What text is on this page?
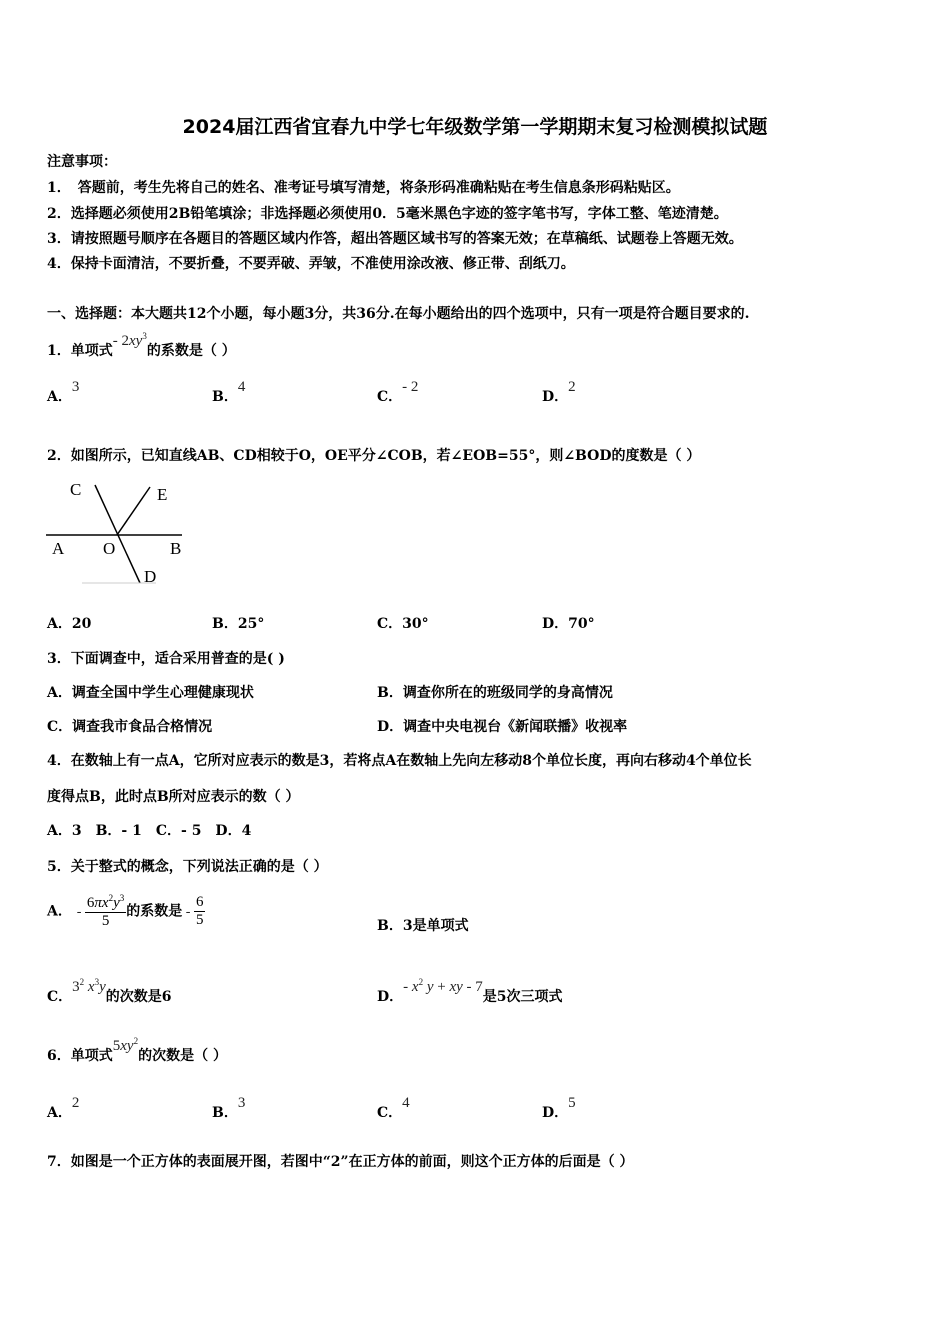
2024届江西省宜春九中学七年级数学第一学期期末复习检测模拟试题
注意事项：
1．　答题前，考生先将自己的姓名、准考证号填写清楚，将条形码准确粘贴在考生信息条形码粘贴区。
2．选择题必须使用2B铅笔填涂；非选择题必须使用0．5毫米黑色字迹的签字笔书写，字体工整、笔迹清楚。
3．请按照题号顺序在各题目的答题区域内作答，超出答题区域书写的答案无效；在草稿纸、试题卷上答题无效。
4．保持卡面清洁，不要折叠，不要弄破、弄皱，不准使用涂改液、修正带、刮纸刀。
一、选择题：本大题共12个小题，每小题3分，共36分.在每小题给出的四个选项中，只有一项是符合题目要求的.
1．单项式- $2xy^3$的系数是（ ）
A．3
B．4
C．- 2
D．2
2．如图所示，已知直线AB、CD相较于O，OE平分∠COB，若∠EOB=55°，则∠BOD的度数是（ ）
C	E
A O	B
D
A．20	B．25°	C．30°	D．70°
3．下面调查中，适合采用普查的是( )
A．调查全国中学生心理健康现状	B．调查你所在的班级同学的身高情况
C．调查我市食品合格情况	D．调查中央电视台《新闻联播》收视率
4．在数轴上有一点A，它所对应表示的数是3，若将点A在数轴上先向左移动8个单位长度，再向右移动4个单位长
度得点B，此时点B所对应表示的数（ ）
A．3　B．- 1　C．- 5　D．4
5．关于整式的概念，下列说法正确的是（ ）
A． - $\frac{6\pi x^2y^3}{5}$ 的系数是 - $\frac{6}{5}$	B．3是单项式
C．$3^2$ $x^3y$的次数是6	D．- $x^2$ y + xy - 7是5次三项式
6．单项式$5xy^2$的次数是（ ）
A．2
B．3
C．4
D．5
7．如图是一个正方体的表面展开图，若图中“2”在正方体的前面，则这个正方体的后面是（ ）
